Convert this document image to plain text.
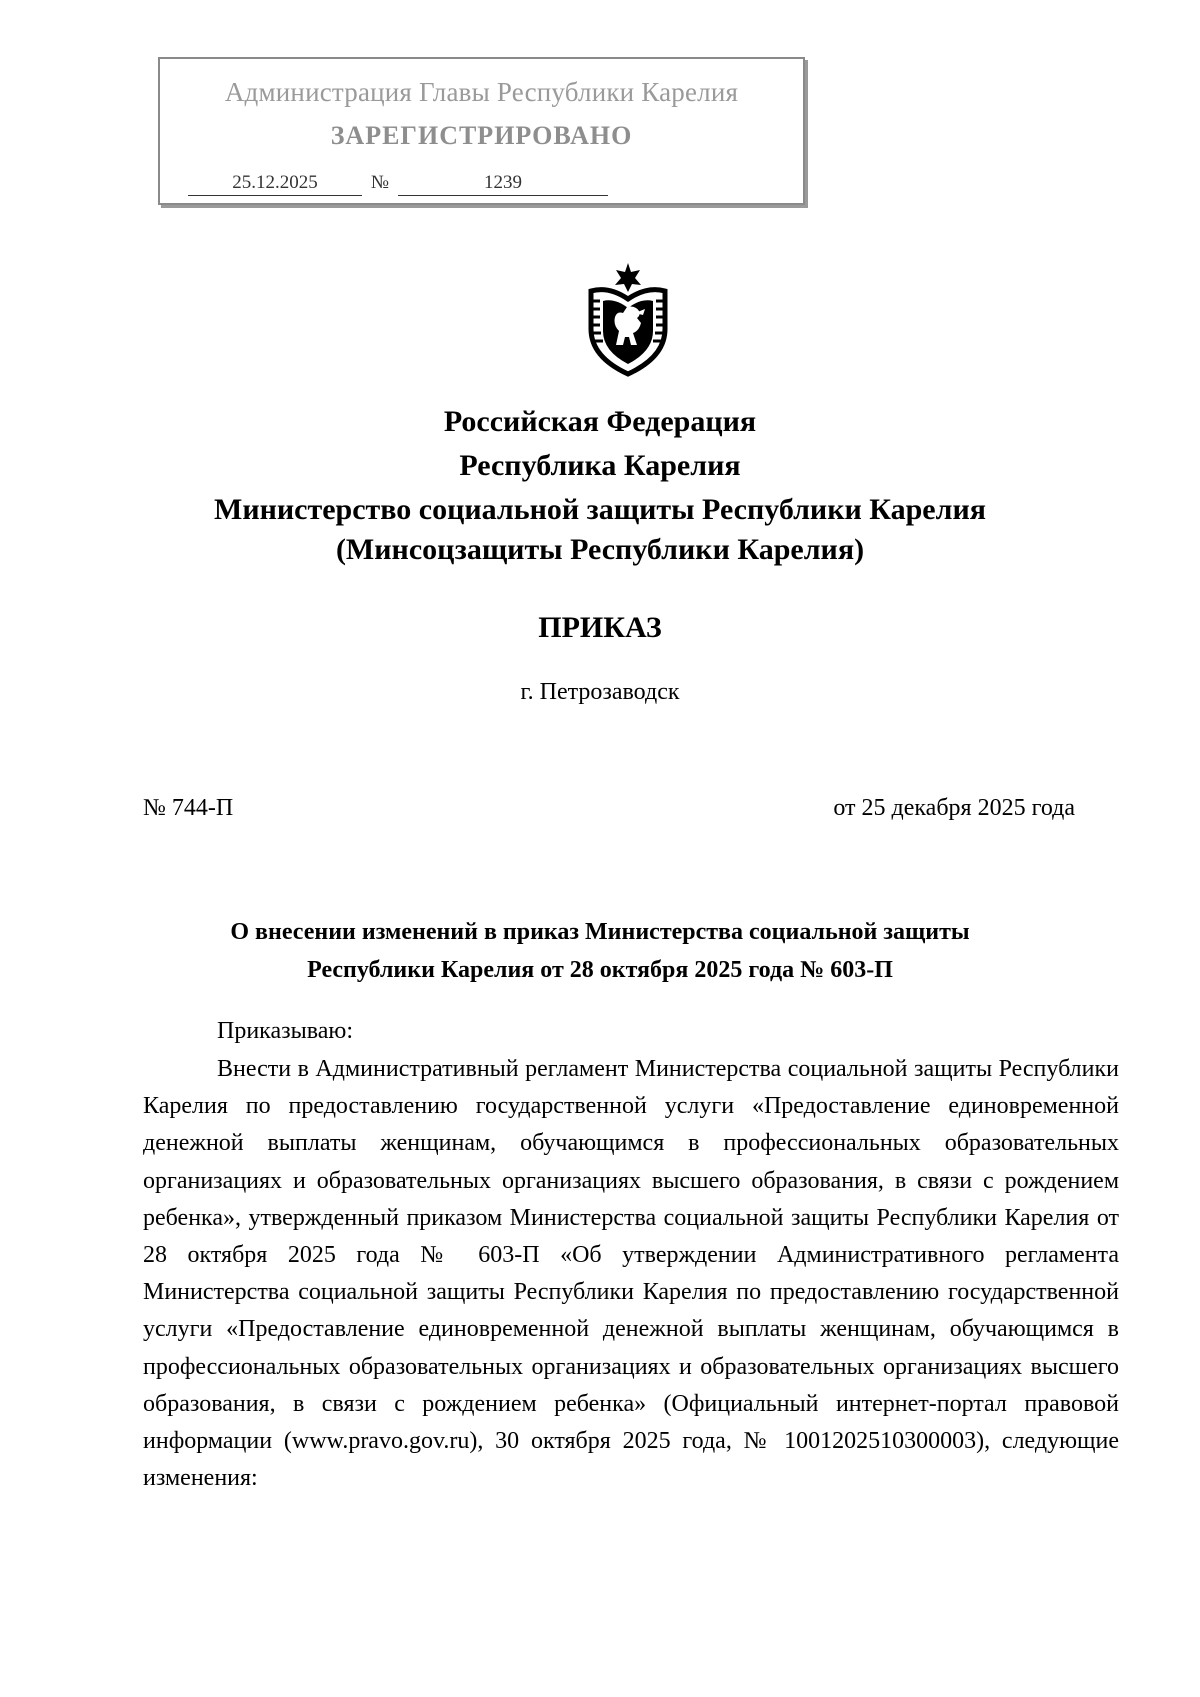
Администрация Главы Республики Карелия
ЗАРЕГИСТРИРОВАНО
25.12.2025	№	1239
Российская Федерация
Республика Карелия
Министерство социальной защиты Республики Карелия
(Минсоцзащиты Республики Карелия)
ПРИКАЗ
г. Петрозаводск
№ 744-П	от 25 декабря 2025 года
О внесении изменений в приказ Министерства социальной защиты
Республики Карелия от 28 октября 2025 года № 603-П
Приказываю:

Внести в Административный регламент Министерства социальной защиты Республики Карелия по предоставлению государственной услуги «Предоставление единовременной денежной выплаты женщинам, обучающимся в профессиональных образовательных организациях и образовательных организациях высшего образования, в связи с рождением ребенка», утвержденный приказом Министерства социальной защиты Республики Карелия от 28 октября 2025 года № 603-П «Об утверждении Административного регламента Министерства социальной защиты Республики Карелия по предоставлению государственной услуги «Предоставление единовременной денежной выплаты женщинам, обучающимся в профессиональных образовательных организациях и образовательных организациях высшего образования, в связи с рождением ребенка» (Официальный интернет-портал правовой информации (www.pravo.gov.ru), 30 октября 2025 года, № 1001202510300003), следующие изменения:
